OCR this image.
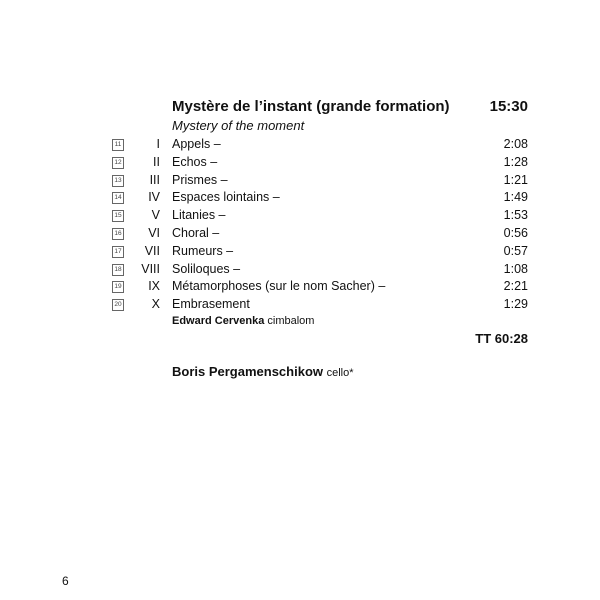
Mystère de l’instant (grande formation)	15:30
Mystery of the moment
11	I Appels –	2:08
12	II Echos –	1:28
13 III Prismes –	1:21
14 IV Espaces lointains –	1:49
15 V Litanies –	1:53
16 VI Choral –	0:56
17 VII Rumeurs –	0:57
18 VIII Soliloques –	1:08
19 IX Métamorphoses (sur le nom Sacher) –	2:21
20 X Embrasement	1:29
Edward Cervenka cimbalom
TT 60:28
Boris Pergamenschikow cello*
6
